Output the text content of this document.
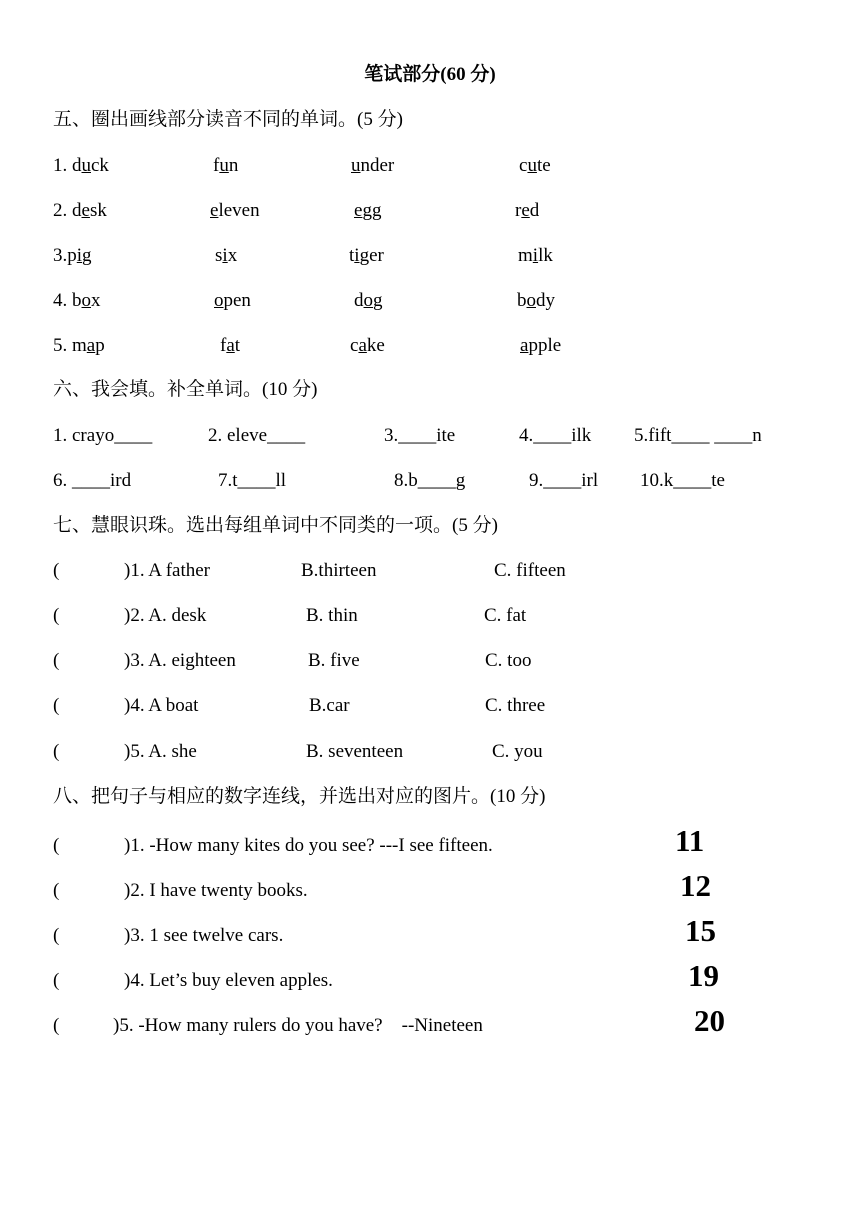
笔试部分(60 分)
五、圈出画线部分读音不同的单词。(5 分)
1. duck	fun	under	cute
2. desk	eleven	egg	red
3.pig	six	tiger	milk
4. box	open	dog	body
5. map	fat	cake	apple
六、我会填。补全单词。(10 分)
1. crayo____	2. eleve____	3.____ite	4.____ilk 5.fift____ ____n
6. ____ird	7.t____ll	8.b____g	9.____irl 10.k____te
七、慧眼识珠。选出每组单词中不同类的一项。(5 分)
(	)1. A father	B.thirteen	C. fifteen
(	)2. A. desk	B. thin	C. fat
(	)3. A. eighteen	B. five	C. too
(	)4. A boat	B.car	C. three
(	)5. A. she	B. seventeen	C. you
八、把句子与相应的数字连线，并选出对应的图片。(10 分)
(	)1. -How many kites do you see? ---I see fifteen.	11
(	)2. I have twenty books.	12
(	)3. 1 see twelve cars.	15
(	)4. Let’s buy eleven apples.	19
(	)5. -How many rulers do you have?    --Nineteen	20
